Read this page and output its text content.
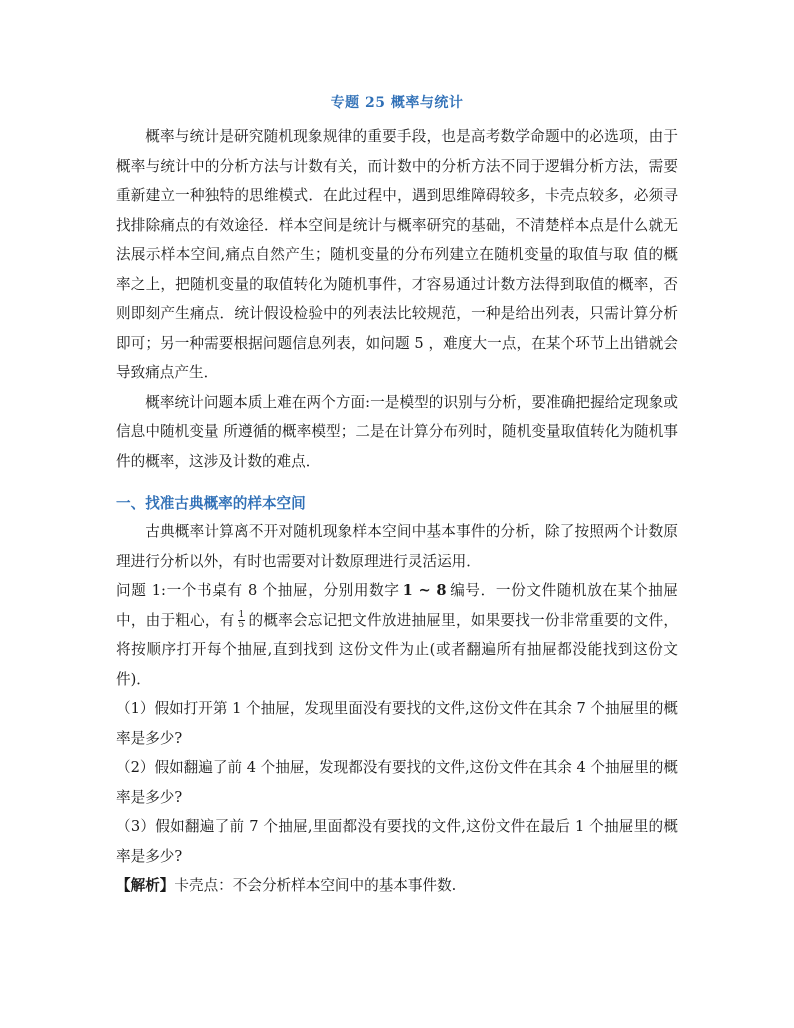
专题 25 概率与统计

概率与统计是研究随机现象规律的重要手段，也是高考数学命题中的必选项，由于概率与统计中的分析方法与计数有关，而计数中的分析方法不同于逻辑分析方法，需要重新建立一种独特的思维模式．在此过程中，遇到思维障碍较多，卡壳点较多，必须寻找排除痛点的有效途径．样本空间是统计与概率研究的基础，不清楚样本点是什么就无法展示样本空间,痛点自然产生；随机变量的分布列建立在随机变量的取值与取 值的概率之上，把随机变量的取值转化为随机事件，才容易通过计数方法得到取值的概率，否则即刻产生痛点．统计假设检验中的列表法比较规范，一种是给出列表，只需计算分析即可；另一种需要根据问题信息列表，如问题 5 ，难度大一点，在某个环节上出错就会导致痛点产生．

概率统计问题本质上难在两个方面:一是模型的识别与分析，要准确把握给定现象或信息中随机变量 所遵循的概率模型；二是在计算分布列时，随机变量取值转化为随机事件的概率，这涉及计数的难点．

一、找准古典概率的样本空间

古典概率计算离不开对随机现象样本空间中基本事件的分析，除了按照两个计数原理进行分析以外，有时也需要对计数原理进行灵活运用．

问题 1:一个书桌有 8 个抽屉，分别用数字 1 ~ 8 编号．一份文件随机放在某个抽屉中，由于粗心，有 $\frac{1}{5}$ 的概率会忘记把文件放进抽屉里，如果要找一份非常重要的文件，将按顺序打开每个抽屉,直到找到 这份文件为止(或者翻遍所有抽屉都没能找到这份文件)．

（1）假如打开第 1 个抽屉，发现里面没有要找的文件,这份文件在其余 7 个抽屉里的概率是多少?

（2）假如翻遍了前 4 个抽屉，发现都没有要找的文件,这份文件在其余 4 个抽屉里的概率是多少?

（3）假如翻遍了前 7 个抽屉,里面都没有要找的文件,这份文件在最后 1 个抽屉里的概率是多少?

【解析】卡壳点：不会分析样本空间中的基本事件数.
